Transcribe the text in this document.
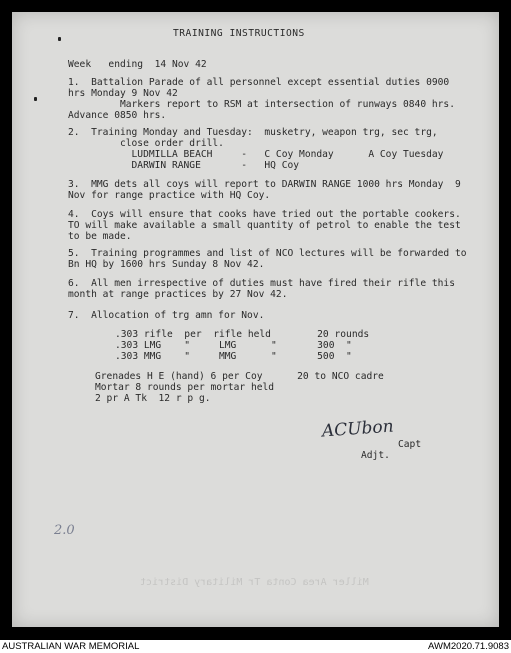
TRAINING INSTRUCTIONS
Week   ending  14 Nov 42
1.  Battalion Parade of all personnel except essential duties 0900
hrs Monday 9 Nov 42
Markers report to RSM at intersection of runways 0840 hrs.
Advance 0850 hrs.
2.  Training Monday and Tuesday:  musketry, weapon trg, sec trg,
close order drill.
LUDMILLA BEACH     -   C Coy Monday      A Coy Tuesday
DARWIN RANGE       -   HQ Coy
3.  MMG dets all coys will report to DARWIN RANGE 1000 hrs Monday  9
Nov for range practice with HQ Coy.
4.  Coys will ensure that cooks have tried out the portable cookers.
TO will make available a small quantity of petrol to enable the test
to be made.
5.  Training programmes and list of NCO lectures will be forwarded to
Bn HQ by 1600 hrs Sunday 8 Nov 42.
6.  All men irrespective of duties must have fired their rifle this
month at range practices by 27 Nov 42.
7.  Allocation of trg amn for Nov.
.303 rifle  per  rifle held        20 rounds
.303 LMG    "     LMG      "       300  "
.303 MMG    "     MMG      "       500  "
Grenades H E (hand) 6 per Coy      20 to NCO cadre
Mortar 8 rounds per mortar held
2 pr A Tk  12 r p g.
ACUbon
Capt
Adjt.
2.0
Miller Area Conta Tr Military District
AUSTRALIAN WAR MEMORIAL	AWM2020.71.9083
